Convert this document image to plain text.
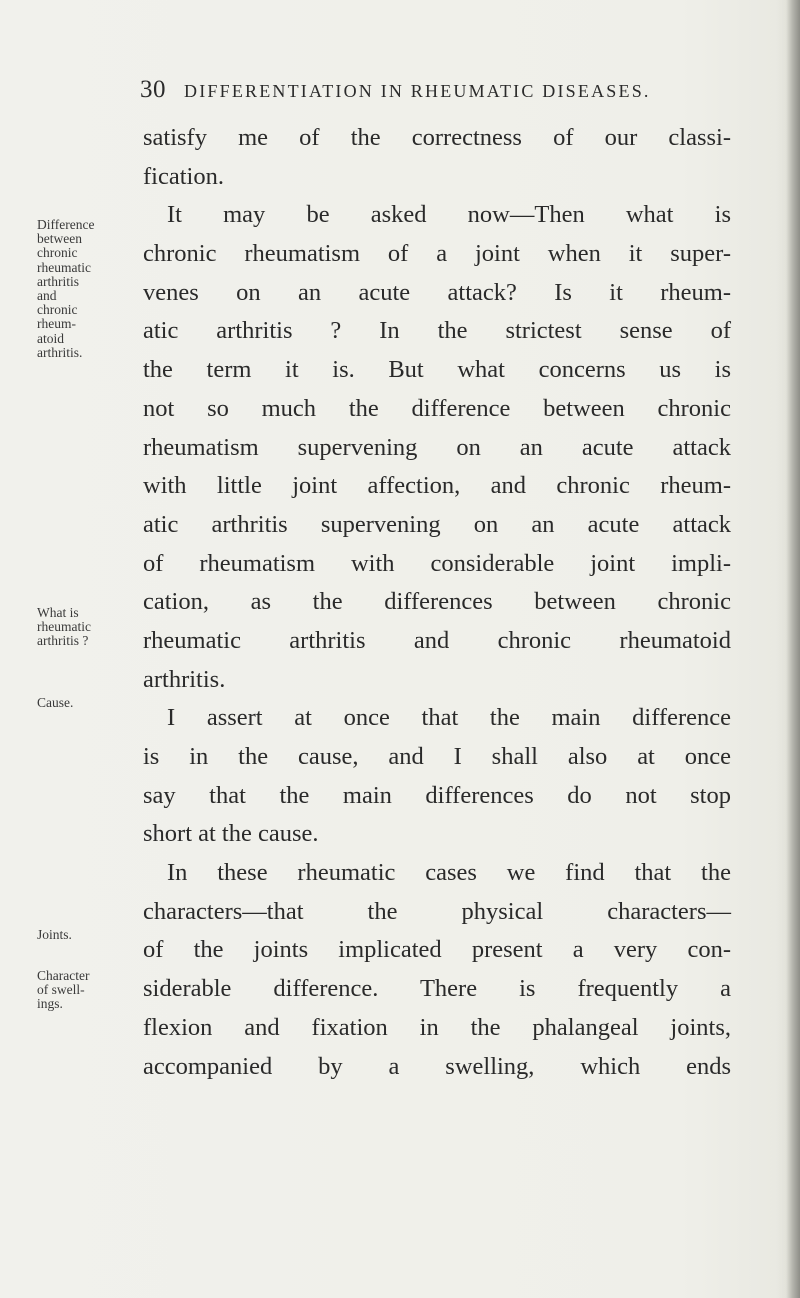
30 DIFFERENTIATION IN RHEUMATIC DISEASES.
Difference
between
chronic
rheumatic
arthritis
and
chronic
rheum-
atoid
arthritis.
What is
rheumatic
arthritis ?
Cause.
Joints.
Character
of swell-
ings.
satisfy me of the correctness of our classi-
fication.
It may be asked now—Then what is
chronic rheumatism of a joint when it super-
venes on an acute attack? Is it rheum-
atic arthritis ? In the strictest sense of
the term it is. But what concerns us is
not so much the difference between chronic
rheumatism supervening on an acute attack
with little joint affection, and chronic rheum-
atic arthritis supervening on an acute attack
of rheumatism with considerable joint impli-
cation, as the differences between chronic
rheumatic arthritis and chronic rheumatoid
arthritis.
I assert at once that the main difference
is in the cause, and I shall also at once
say that the main differences do not stop
short at the cause.
In these rheumatic cases we find that the
characters—that the physical characters—
of the joints implicated present a very con-
siderable difference. There is frequently a
flexion and fixation in the phalangeal joints,
accompanied by a swelling, which ends
